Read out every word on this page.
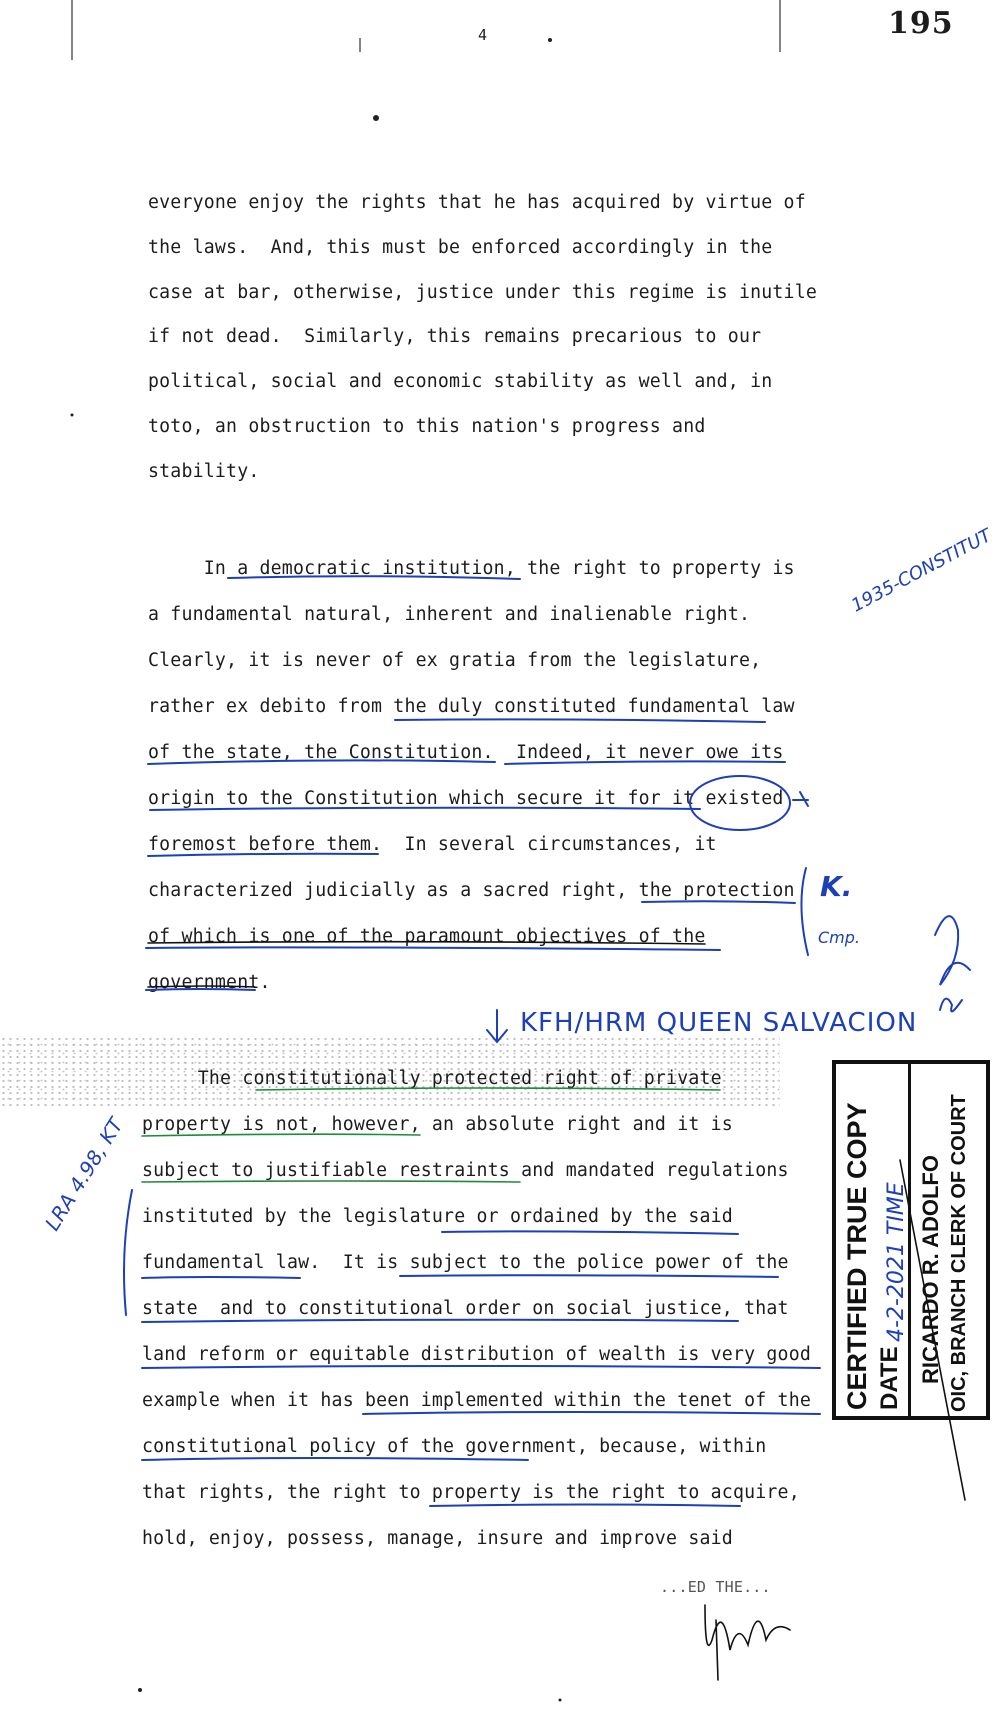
4	195
everyone enjoy the rights that he has acquired by virtue of
the laws.  And, this must be enforced accordingly in the
case at bar, otherwise, justice under this regime is inutile
if not dead.  Similarly, this remains precarious to our
political, social and economic stability as well and, in
toto, an obstruction to this nation's progress and
stability.
In a democratic institution, the right to property is
a fundamental natural, inherent and inalienable right.
Clearly, it is never of ex gratia from the legislature,
rather ex debito from the duly constituted fundamental law
of the state, the Constitution.  Indeed, it never owe its
origin to the Constitution which secure it for it existed
foremost before them.  In several circumstances, it
characterized judicially as a sacred right, the protection
of which is one of the paramount objectives of the
government.
The constitutionally protected right of private
property is not, however, an absolute right and it is
subject to justifiable restraints and mandated regulations
instituted by the legislature or ordained by the said
fundamental law.  It is subject to the police power of the
state  and to constitutional order on social justice, that
land reform or equitable distribution of wealth is very good
example when it has been implemented within the tenet of the
constitutional policy of the government, because, within
that rights, the right to property is the right to acquire,
hold, enjoy, possess, manage, insure and improve said
...ED THE...
1935-CONSTITUT
LRA 4.98, KT
K.
Cmp.
KFH/HRM QUEEN SALVACION
CERTIFIED TRUE COPY DATE
4-2-2021 TIME RICARDO R. ADOLFO OIC, BRANCH CLERK OF COURT
